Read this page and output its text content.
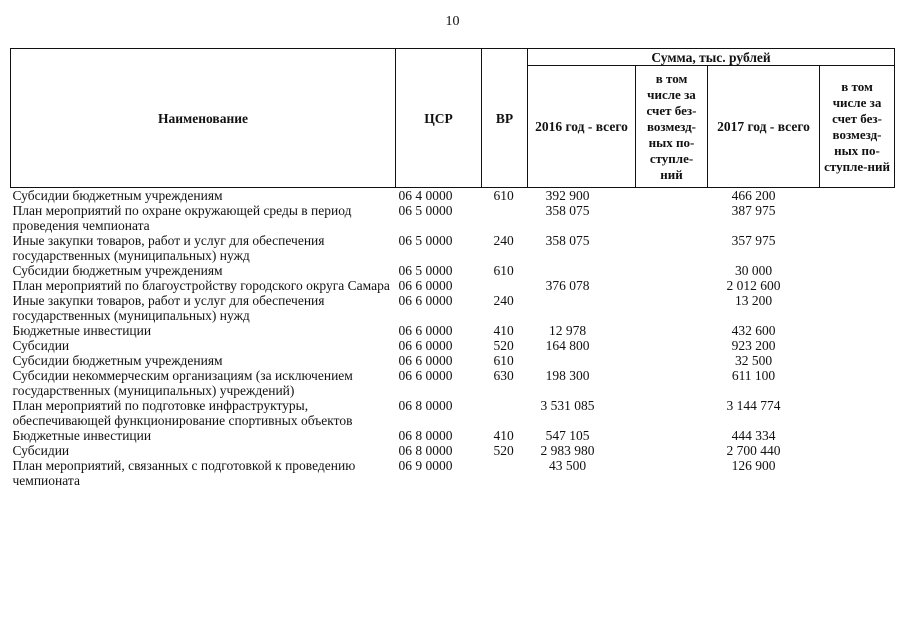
10
Наименование	ЦСР	ВР	Сумма, тыс. рублей			
			2016 год - всего	в том числе за счет без-возмезд-ных по-ступле-ний	2017 год - всего	в том числе за счет без-возмезд-ных по-ступле-ний
Субсидии бюджетным учреждениям	06 4 0000	610	392 900		466 200	
План мероприятий по охране окружающей среды в период проведения чемпионата	06 5 0000		358 075		387 975	
Иные закупки товаров, работ и услуг для обеспечения государственных (муниципальных) нужд	06 5 0000	240	358 075		357 975	
Субсидии бюджетным учреждениям	06 5 0000	610			30 000	
План мероприятий по благоустройству городского округа Самара	06 6 0000		376 078		2 012 600	
Иные закупки товаров, работ и услуг для обеспечения государственных (муниципальных) нужд	06 6 0000	240			13 200	
Бюджетные инвестиции	06 6 0000	410	12 978		432 600	
Субсидии	06 6 0000	520	164 800		923 200	
Субсидии бюджетным учреждениям	06 6 0000	610			32 500	
Субсидии некоммерческим организациям (за исключением государственных (муниципальных) учреждений)	06 6 0000	630	198 300		611 100	
План мероприятий по подготовке инфраструктуры, обеспечивающей функционирование спортивных объектов	06 8 0000		3 531 085		3 144 774	
Бюджетные инвестиции	06 8 0000	410	547 105		444 334	
Субсидии	06 8 0000	520	2 983 980		2 700 440	
План мероприятий, связанных с подготовкой к проведению чемпионата	06 9 0000		43 500		126 900	
